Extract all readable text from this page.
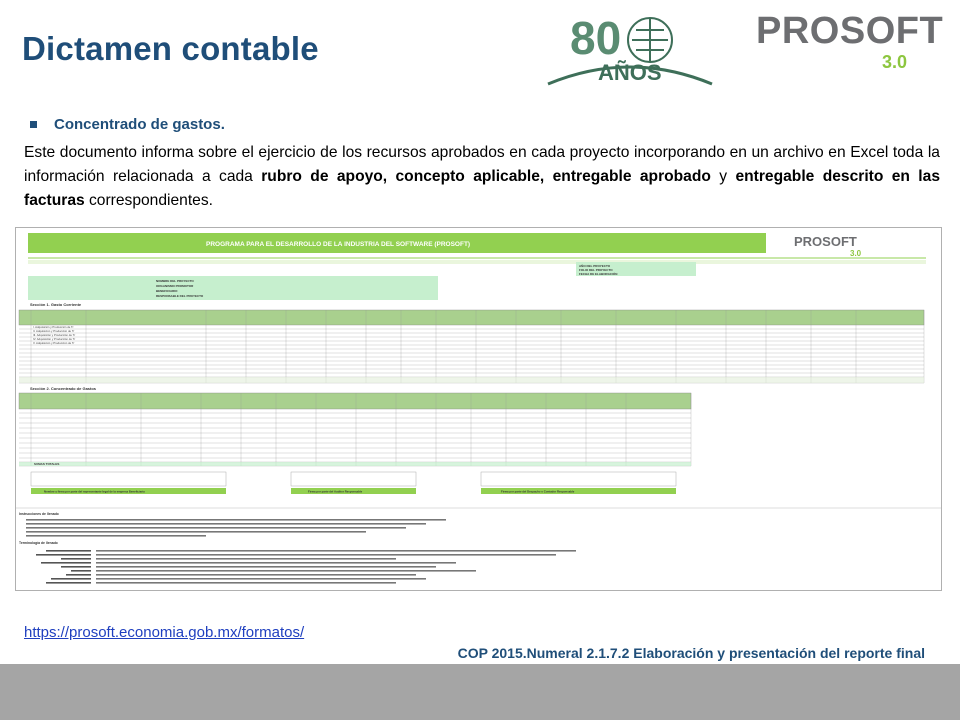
Dictamen contable	80
AÑOS
PROSOFT
3.0
Concentrado de gastos.
Este documento informa sobre el ejercicio de los recursos aprobados en cada proyecto incorporando en un archivo en Excel toda la información relacionada a cada rubro de apoyo, concepto aplicable, entregable aprobado y entregable descrito en las facturas correspondientes.
PROGRAMA PARA EL DESARROLLO DE LA INDUSTRIA DEL SOFTWARE (PROSOFT)	PROSOFT
3.0
AÑO DEL PROYECTO
FOLIO DEL PROYECTO
FECHA DE ELABORACIÓN
NOMBRE DEL PROYECTO
ORGANISMO PROMOTOR
BENEFICIARIO
RESPONSABLE DEL PROYECTO
Sección 1. Gasto Corriente
I. Adquisición y Producción de Tr
II. Adquisición y Producción de Tr
III. Adquisición y Producción de Tr
IV. Adquisición y Producción de Tr
V. Adquisición y Producción de Tr
Sección 2. Concentrado de Gastos
SUMAS TOTALES
Nombre y firma por parte del representante legal de la empresa Beneficiaria	Firma por parte del Auditor Responsable	Firma por parte del Despacho o Contador Responsable
Instrucciones de llenado
Terminología de llenado
https://prosoft.economia.gob.mx/formatos/
COP 2015.Numeral 2.1.7.2 Elaboración y presentación del reporte final
